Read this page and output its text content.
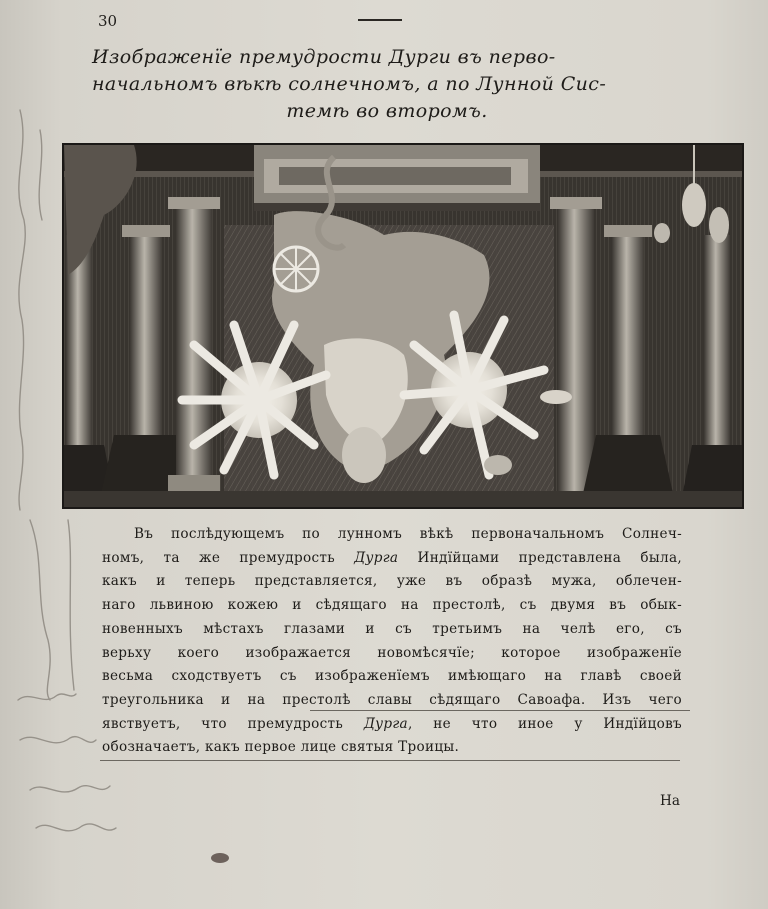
30
Изображенїе премудрости Дурги въ перво-
начальномъ вѣкѣ солнечномъ, а по Лунной Сис-
темѣ во второмъ.
Въ послѣдующемъ по лунномъ вѣкѣ первоначальномъ Солнеч-
номъ, та же премудрость Дурга Индїйцами представлена была,
какъ и теперь представляется, уже въ образѣ мужа, облечен-
наго львиною кожею и сѣдящаго на престолѣ, съ двумя въ обык-
новенныхъ мѣстахъ глазами и съ третьимъ на челѣ его, съ
верьху коего изображается новомѣсячїе; которое изображенїе
весьма сходствуетъ съ изображенїемъ имѣющаго на главѣ своей
треугольника и на престолѣ славы сѣдящаго Савоафа. Изъ чего
явствуетъ, что премудрость Дурга, не что иное у Индїйцовъ
обозначаетъ, какъ первое лице святыя Троицы.
На
